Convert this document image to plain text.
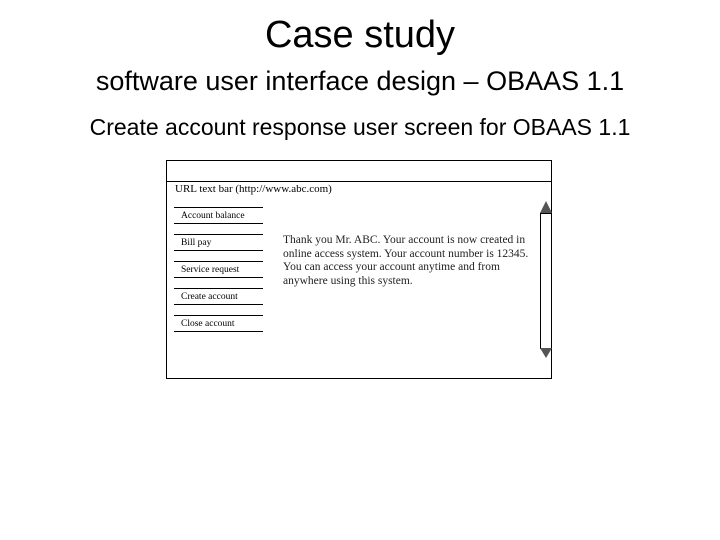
Case study
software user interface design – OBAAS 1.1
Create account response user screen for OBAAS 1.1
URL text bar (http://www.abc.com)
Account balance
Bill pay
Service request
Create account
Close account
Thank you Mr. ABC. Your account is now created in online access system. Your account number is 12345. You can access your account anytime and from anywhere using this system.
